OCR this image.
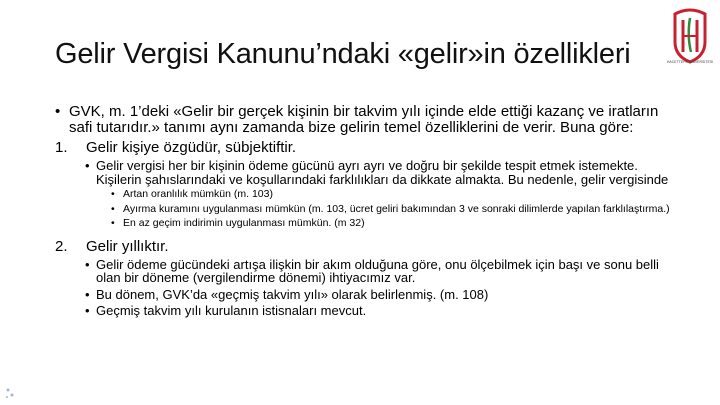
Gelir Vergisi Kanunu’ndaki «gelir»in özellikleri	HACETTEPE ÜNİVERSİTESİ
• GVK, m. 1’deki «Gelir bir gerçek kişinin bir takvim yılı içinde elde ettiği kazanç ve iratların safi tutarıdır.» tanımı aynı zamanda bize gelirin temel özelliklerini de verir. Buna göre:
1. Gelir kişiye özgüdür, sübjektiftir.
• Gelir vergisi her bir kişinin ödeme gücünü ayrı ayrı ve doğru bir şekilde tespit etmek istemekte. Kişilerin şahıslarındaki ve koşullarındaki farklılıkları da dikkate almakta. Bu nedenle, gelir vergisinde
• Artan oranlılık mümkün (m. 103)
• Ayırma kuramını uygulanması mümkün (m. 103, ücret geliri bakımından 3 ve sonraki dilimlerde yapılan farklılaştırma.)
• En az geçim indirimin uygulanması mümkün. (m 32)
2. Gelir yıllıktır.
• Gelir ödeme gücündeki artışa ilişkin bir akım olduğuna göre, onu ölçebilmek için başı ve sonu belli olan bir döneme (vergilendirme dönemi) ihtiyacımız var.
• Bu dönem, GVK’da «geçmiş takvim yılı» olarak belirlenmiş. (m. 108)
• Geçmiş takvim yılı kurulanın istisnaları mevcut.
